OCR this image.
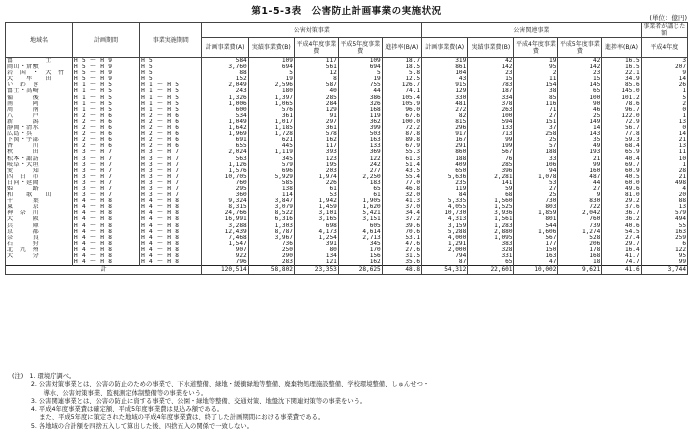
第1-5-3表　公害防止計画事業の実施状況
(単位：億円)
地域名	計画期間	事業実施期間	公害対策事業					公害関連事業					事業者が講じた額
			計画事業費(A)	実績事業費(B)	平成4年度事業費	平成5年度事業費	進捗率(B/A)	計画事業費(A)	実績事業費(B)	平成4年度事業費	平成5年度事業費	進捗率(B/A)	平成4年度
富　　　　　士	H 5 ～ H 9	H 5	584	109	117	109	18.7	319	42	19	42	16.5	3
岡山・倉敷	H 5 ～ H 9	H 5	3,760	694	561	694	18.5	861	142	95	142	16.5	207
岩　国　・　大　竹	H 5 ～ H 9	H 5	88	5	12	5	5.8	104	23	2	23	22.1	9
大　　牟　　田	H 5 ～ H 9	H 5	152	19	8	19	12.5	43	15	11	15	34.9	14
い　わ　き	H 1 ～ H 5	H 1 ～ H 5	2,049	2,596	587	755	126.7	915	783	154	145	85.6	26
富士・高崎	H 1 ～ H 5	H 1 ～ H 5	243	180	40	44	74.1	129	187	38	65	145.0	1
備　　　後	H 1 ～ H 5	H 1 ～ H 5	1,326	1,397	285	386	105.4	330	334	85	100	101.2	5
南　　　阿	H 1 ～ H 5	H 1 ～ H 5	1,006	1,065	284	326	105.9	481	378	116	90	78.6	2
周　　　南	H 1 ～ H 5	H 1 ～ H 5	600	576	129	168	96.0	272	263	71	46	96.7	0
八　　　戸	H 2 ～ H 6	H 2 ～ H 6	534	361	91	119	67.6	82	100	27	25	122.0	1
新　　　潟	H 2 ～ H 6	H 2 ～ H 6	1,049	1,017	297	362	100.0	815	594	151	149	72.9	13
静岡・清水	H 2 ～ H 6	H 2 ～ H 6	1,642	1,185	361	399	72.2	296	133	37	14	56.7	0
広島・呉	H 2 ～ H 6	H 2 ～ H 6	1,969	1,728	578	503	87.8	917	713	258	143	77.8	14
下関・宇部	H 2 ～ H 6	H 2 ～ H 6	691	621	162	163	89.8	167	99	25	35	59.3	21
香　　　川	H 2 ～ H 6	H 2 ～ H 6	655	445	117	133	67.9	291	199	57	49	68.4	13
秋　　　田	H 3 ～ H 7	H 3 ～ H 7	2,024	1,119	393	369	55.3	860	567	188	193	65.9	11
松本・諏訪	H 3 ～ H 7	H 3 ～ H 7	563	345	123	122	61.3	188	76	33	21	40.4	10
岐阜・大垣	H 3 ～ H 7	H 3 ～ H 7	1,126	579	195	242	51.4	409	285	106	99	69.7	1
愛　　　知	H 3 ～ H 7	H 3 ～ H 7	1,576	696	203	277	43.5	650	396	94	160	60.9	28
四　日　市	H 3 ～ H 7	H 3 ～ H 7	10,705	5,929	1,974	2,250	55.4	5,636	2,281	1,078	487	40.5	21
日向・延岡	H 3 ～ H 7	H 3 ～ H 7	760	585	226	183	77.0	235	141	53	44	60.0	498
姫　　　路	H 3 ～ H 7	H 3 ～ H 7	295	138	61	65	46.8	119	59	27	27	49.6	4
和　　歌　　山	H 3 ～ H 7	H 3 ～ H 7	360	114	53	61	32.0	84	68	25	9	81.0	20
千　　　葉	H 4 ～ H 8	H 4 ～ H 8	9,324	3,847	1,942	1,905	41.3	5,335	1,560	730	830	29.2	88
東　　　京	H 4 ～ H 8	H 4 ～ H 8	8,315	3,079	1,459	1,620	37.0	4,055	1,525	803	722	37.6	13
神　奈　川	H 4 ～ H 8	H 4 ～ H 8	24,766	8,522	3,101	5,421	34.4	10,730	3,936	1,859	2,042	36.7	579
大　　　阪	H 4 ～ H 8	H 4 ～ H 8	16,991	6,316	3,165	3,151	37.2	4,313	1,561	801	760	36.2	494
兵　　　庫	H 4 ～ H 8	H 4 ～ H 8	3,288	1,303	698	605	39.6	3,159	1,283	544	739	40.6	55
京　　　都	H 4 ～ H 8	H 4 ～ H 8	12,439	8,787	4,173	4,614	70.6	5,288	2,880	1,606	1,274	54.5	163
奈　　　良	H 4 ～ H 8	H 4 ～ H 8	7,468	3,967	1,254	2,713	53.1	4,000	1,095	567	528	27.4	259
石　　　狩	H 4 ～ H 8	H 4 ～ H 8	1,547	736	391	345	47.6	1,291	383	177	206	29.7	6
北　九　州	H 4 ～ H 8	H 4 ～ H 8	907	250	80	170	27.6	2,000	328	150	178	16.4	122
大　　　分	H 4 ～ H 8	H 4 ～ H 8	922	290	134	156	31.5	794	331	163	168	41.7	95
　	H 4 ～ H 8	H 4 ～ H 8	796	283	121	162	35.6	87	65	47	18	74.7	99
計			120,514	58,802	23,353	28,625	48.8	54,312	22,601	10,002	9,621	41.6	3,744
(注)　1. 環境庁調べ。
　　　2. 公害対策事業とは、公害の防止のための事業で、下水道整備、緑地・緩衝緑地等整備、廃棄物処理施設整備、学校環境整備、しゅんせつ・
　　　　　導水、公害対策事業、監視測定体制整備等の事業をいう。
　　　3. 公害関連事業とは、公害の防止に資する事業で、公園・緑地等整備、交通対策、地盤沈下関連対策等の事業をいう。
　　　4. 平成4年度事業費は確定額、平成5年度事業費は見込み額である。
　　　　 また、平成5年度に策定された地域の平成4年度事業費は、終了した計画期間における事業費である。
　　　5. 各地域の合計額を四捨五入して算出した後、四捨五入の関係で一致しない。
